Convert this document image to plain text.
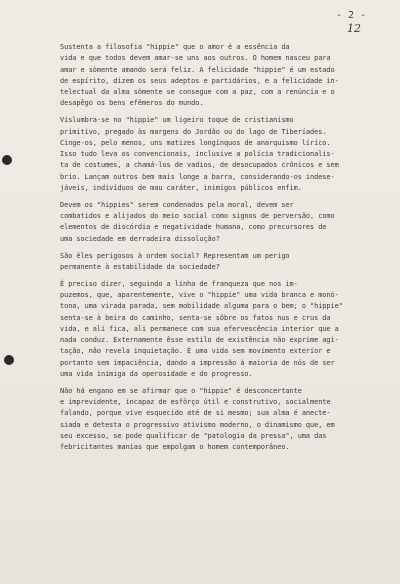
- 2 -
12
Sustenta a filosofia "hippie" que o amor é a essência da
vida e que todos devem amar-se uns aos outros. O homem nasceu para
amar e sòmente amando será feliz. A felicidade "hippie" é um estado
de espírito, dizem os seus adeptos e partidários, e a felicidade in-
telectual da alma sòmente se consegue com a paz, com a renúncia e o
desapêgo os bens efêmeros do mundo.
Vislumbra-se no "hippie" um ligeiro toque de cristianismo
primitivo, pregado às margens do Jordão ou do lago de Tiberíades.
Cinge-os, pelo menos, uns matizes longínquos de anarquismo lírico.
Isso tudo leva os convencionais, inclusive a polícia tradicionalis-
ta de costumes, a chamá-los de vadios, de desocupados crônicos e sem
brio. Lançam outros bem mais longe a barra, considerando-os indese-
jáveis, indivíduos de mau caráter, inimigos públicos enfim.
Devem os "hippies" serem condenados pela moral, devem ser
combatidos e alijados do meio social como signos de perversão, como
elementos de discórdia e negatividade humana, como precursores de
uma sociedade em derradeira dissolução?
São êles perigosos à ordem social? Representam um perigo
permanente à estabilidade da sociedade?
É preciso dizer, seguindo a linha de franqueza que nos im-
puzemos, que, aparentemente, vive o "hippie" uma vida branca e monó-
tona, uma virada parada, sem mobilidade alguma para o bem; o "hippie"
senta-se à beira do caminho, senta-se sôbre os fatos nus e crus da
vida, e ali fica, ali permanece com sua efervescência interior que a
nada conduz. Externamente êsse estilo de existência não exprime agi-
tação, não revela inquietação. É uma vida sem movimento exterior e
portanto sem impaciência, dando a impressão à maioria de nós de ser
uma vida inimiga da operosidade e do progresso.
Não há engano em se afirmar que o "hippie" é desconcertante
e imprevidente, incapaz de esfôrço útil e construtivo, socialmente
falando, porque vive esquecido até de si mesmo; sua alma é anecte-
siada e detesta o progressivo ativismo moderno, o dinamismo que, em
seu excesso, se pode qualificar de "patologia da pressa", uma das
febricitantes manias que empolgam o homem contemporâneo.
